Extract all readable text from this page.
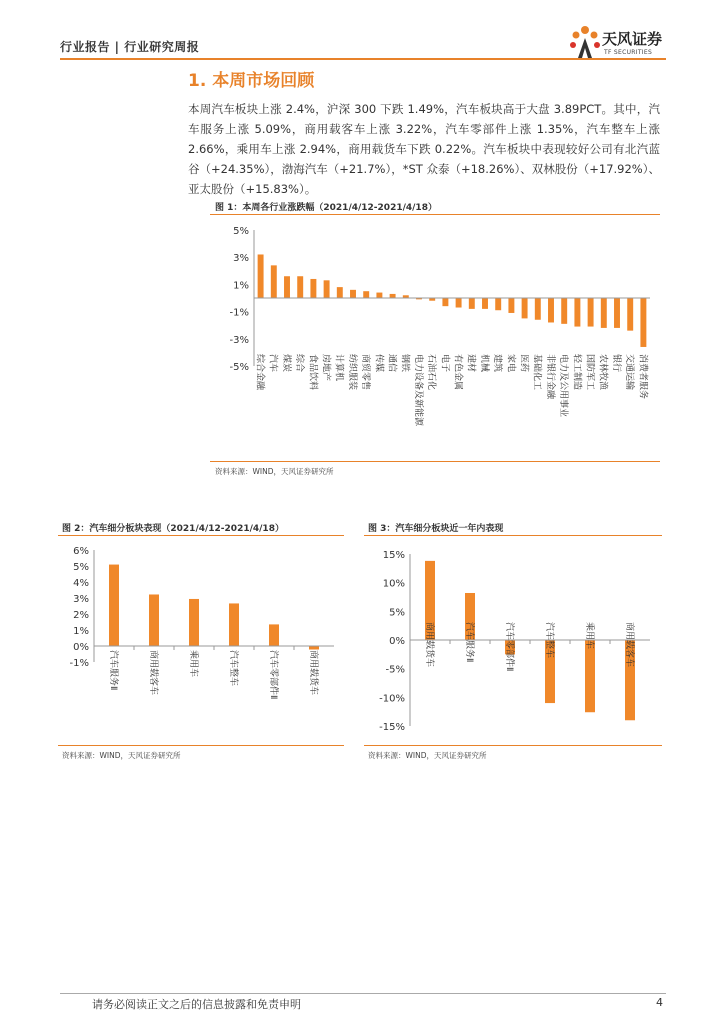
行业报告 | 行业研究周报	天风证券
TF SECURITIES
1. 本周市场回顾
本周汽车板块上涨 2.4%，沪深 300 下跌 1.49%，汽车板块高于大盘 3.89PCT。其中，汽车服务上涨 5.09%，商用载客车上涨 3.22%，汽车零部件上涨 1.35%，汽车整车上涨 2.66%，乘用车上涨 2.94%，商用载货车下跌 0.22%。汽车板块中表现较好公司有北汽蓝谷（+24.35%），渤海汽车（+21.7%），*ST 众泰（+18.26%）、双林股份（+17.92%）、亚太股份（+15.83%）。
图 1：本周各行业涨跌幅（2021/4/12-2021/4/18）
5%
3%
1%
-1%
-3%
-5% 综合金融 汽车 煤炭 综合 食品饮料 房地产 计算机 纺织服装 商贸零售 传媒 通信 钢铁 电力设备及新能源 石油石化 电子 有色金属 建材 机械 建筑 家电 医药 基础化工 非银行金融 电力及公用事业 轻工制造 国防军工 农林牧渔 银行 交通运输 消费者服务
资料来源：WIND，天风证券研究所
图 2：汽车细分板块表现（2021/4/12-2021/4/18）
6%
5%
4%
3%
2%
1%
0%
-1% 汽车服务Ⅱ	商用载客车	乘用车	汽车整车	汽车零部件Ⅱ	商用载货车
资料来源：WIND，天风证券研究所
图 3：汽车细分板块近一年内表现
15%
10%
5%
0%
-5%
-10%
-15%
商用载货车	汽车服务Ⅱ	汽车零部件Ⅱ	汽车整车	乘用车	商用载客车
资料来源：WIND，天风证券研究所
请务必阅读正文之后的信息披露和免责申明	4
